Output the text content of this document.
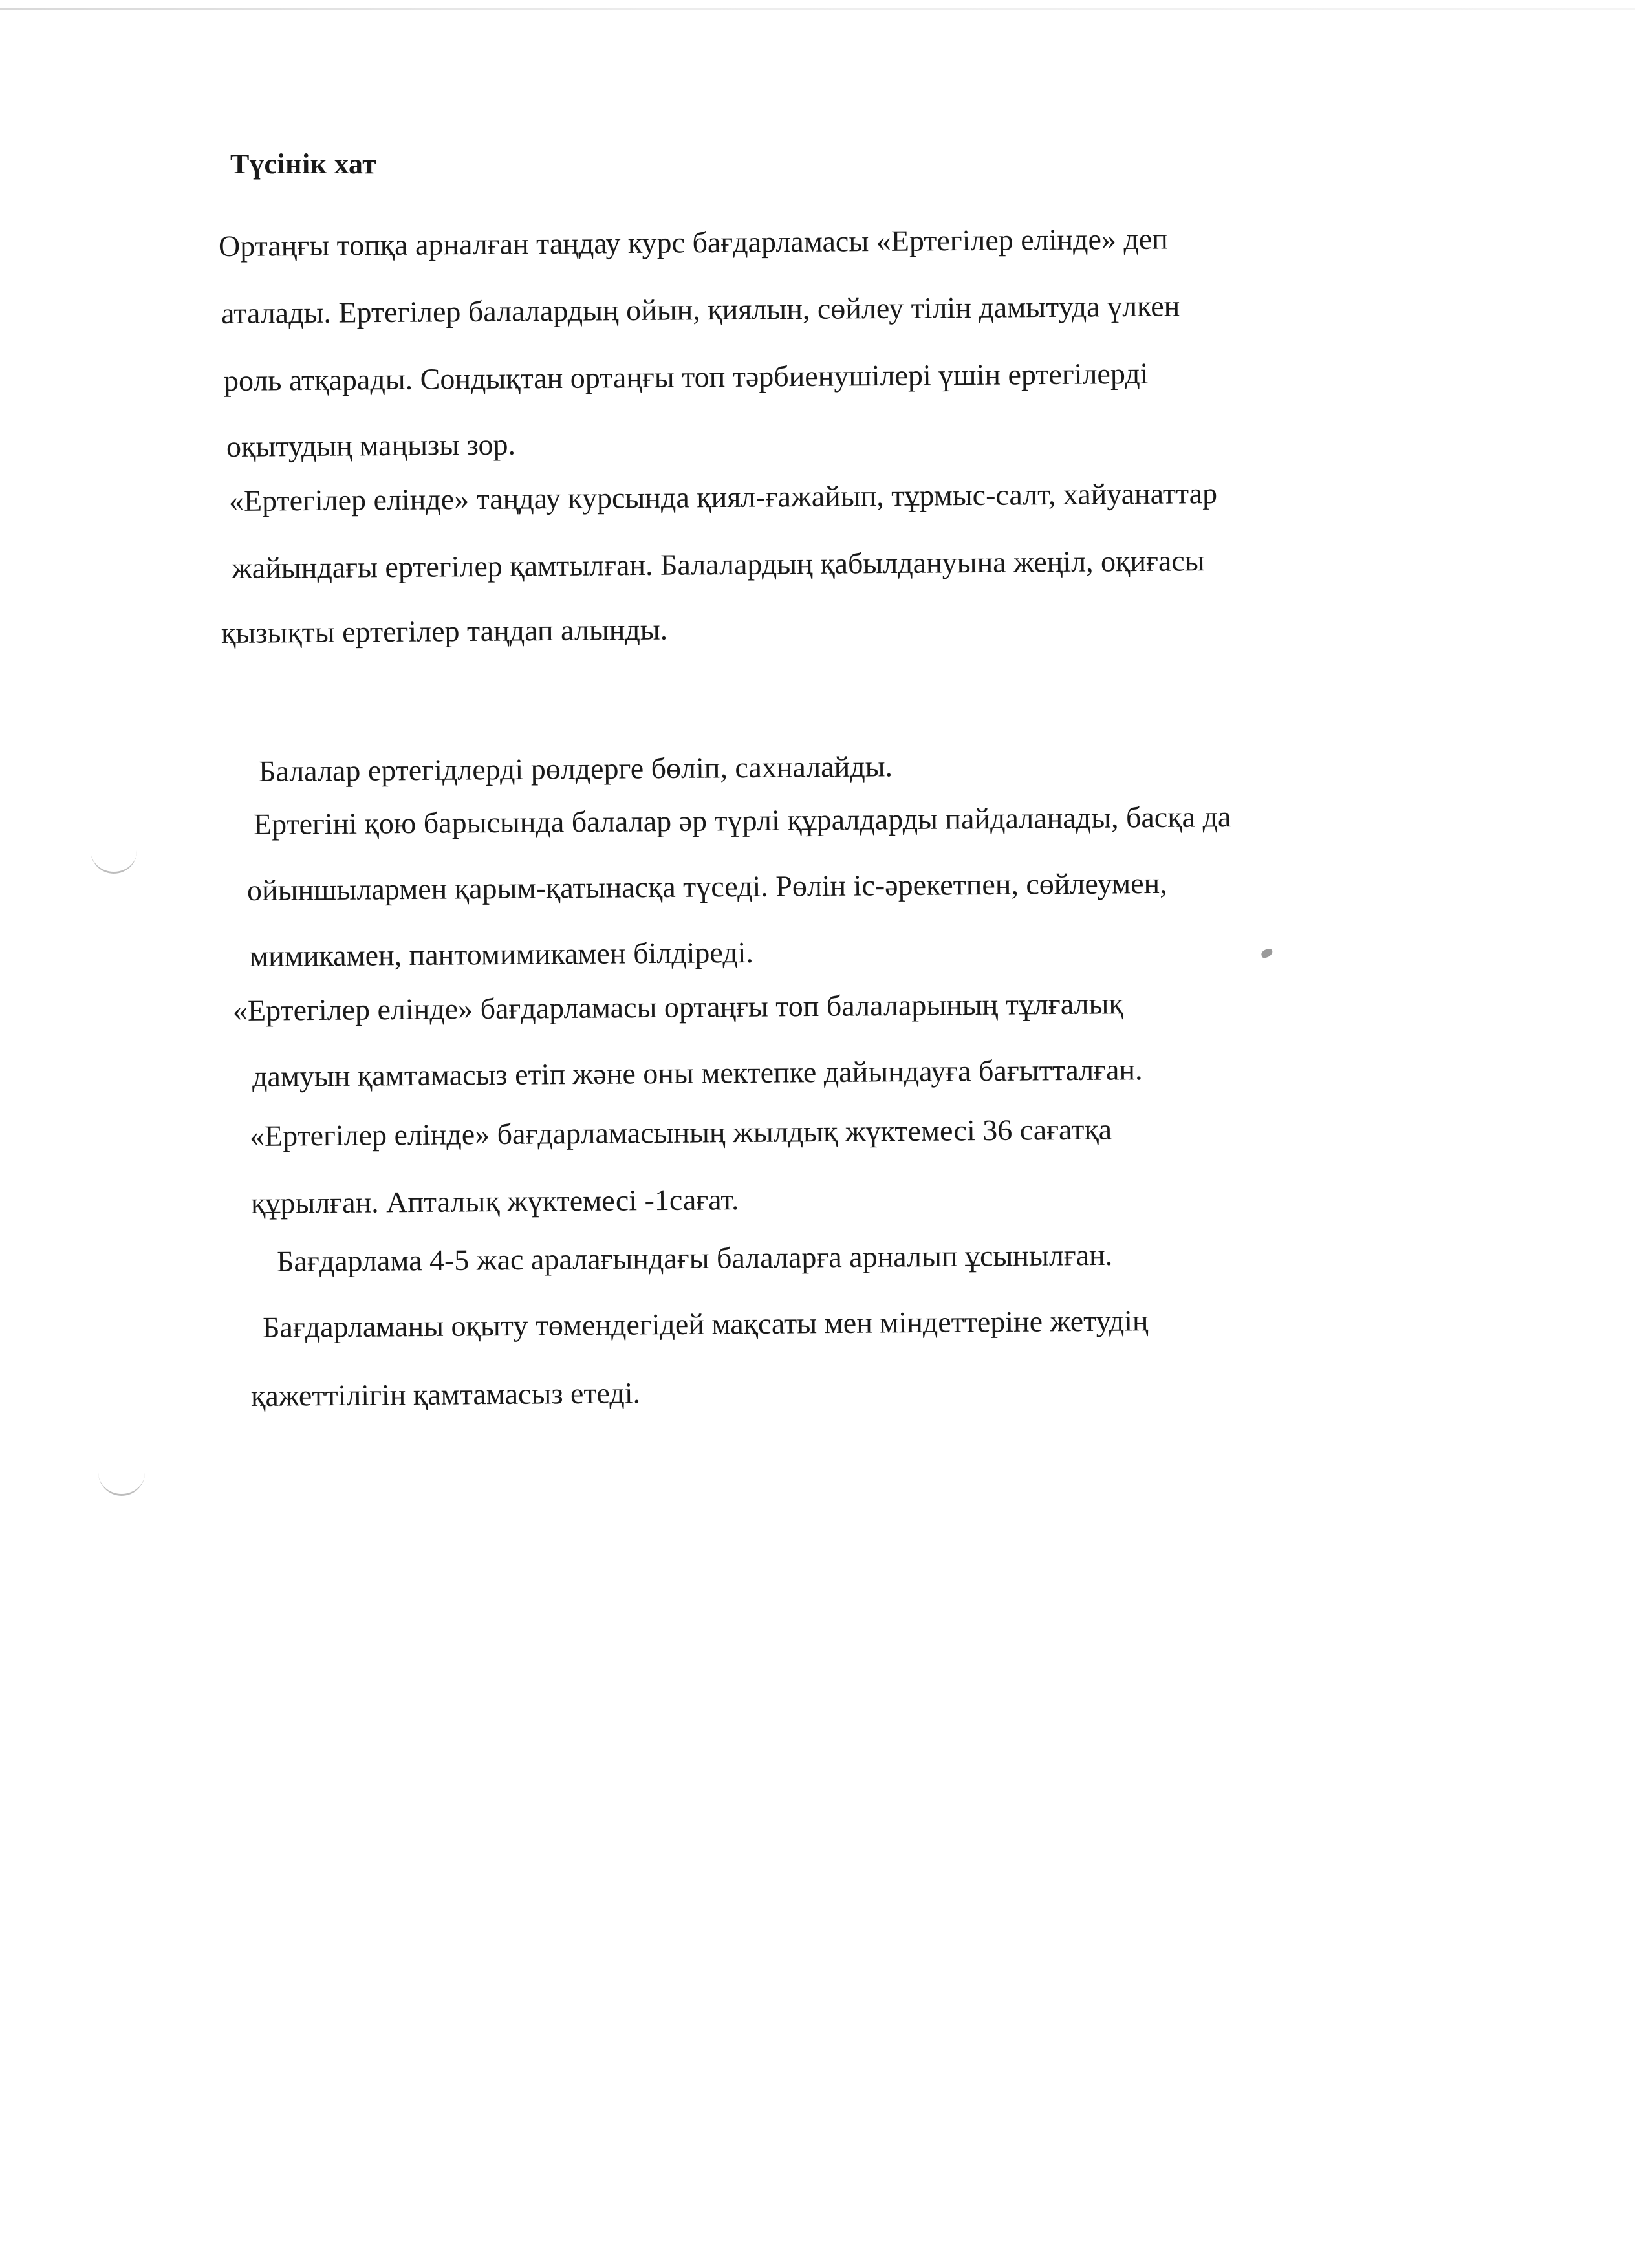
Түсінік хат
Ортаңғы топқа арналған таңдау курс бағдарламасы «Ертегілер елінде» деп
аталады. Ертегілер балалардың ойын, қиялын, сөйлеу тілін дамытуда үлкен
роль атқарады. Сондықтан ортаңғы топ тәрбиенушілері үшін ертегілерді
оқытудың маңызы зор.
«Ертегілер елінде» таңдау курсында қиял-ғажайып, тұрмыс-салт, хайуанаттар
жайындағы ертегілер қамтылған. Балалардың қабылдануына жеңіл, оқиғасы
қызықты ертегілер таңдап алынды.
Балалар ертегідлерді рөлдерге бөліп, сахналайды.
Ертегіні қою барысында балалар әр түрлі құралдарды пайдаланады, басқа да
ойыншылармен қарым-қатынасқа түседі. Рөлін іс-әрекетпен, сөйлеумен,
мимикамен, пантомимикамен білдіреді.
«Ертегілер елінде» бағдарламасы ортаңғы топ балаларының тұлғалық
дамуын қамтамасыз етіп және оны мектепке дайындауға бағытталған.
«Ертегілер елінде» бағдарламасының жылдық жүктемесі 36 сағатқа
құрылған. Апталық жүктемесі -1сағат.
Бағдарлама 4-5 жас аралағындағы балаларға арналып ұсынылған.
Бағдарламаны оқыту төмендегідей мақсаты мен міндеттеріне жетудің
қажеттілігін қамтамасыз етеді.
